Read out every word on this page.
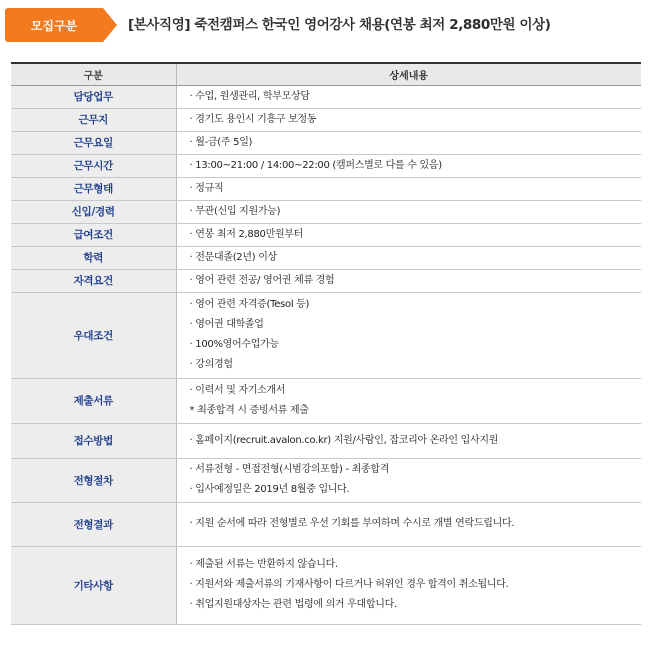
모집구분	[본사직영] 죽전캠퍼스 한국인 영어강사 채용(연봉 최저 2,880만원 이상)
구분	상세내용
담당업무	· 수업, 원생관리, 학부모상담

근무지	· 경기도 용인시 기흥구 보정동

근무요일	· 월-금(주 5일)

근무시간	· 13:00~21:00 / 14:00~22:00 (캠퍼스별로 다를 수 있음)

근무형태	· 정규직

신입/경력	· 무관(신입 지원가능)

급여조건	· 연봉 최저 2,880만원부터

학력	· 전문대졸(2년) 이상

자격요건	· 영어 관련 전공/ 영어권 체류 경험

우대조건	· 영어 관련 자격증(Tesol 등)
· 영어권 대학졸업
· 100%영어수업가능
· 강의경험

제출서류	· 이력서 및 자기소개서
* 최종합격 시 증빙서류 제출

접수방법	· 홈페이지(recruit.avalon.co.kr) 지원/사람인, 잡코리아 온라인 입사지원

전형절차	· 서류전형 - 면접전형(시범강의포함) - 최종합격
· 입사예정일은 2019년 8월중 입니다.

전형결과	· 지원 순서에 따라 전형별로 우선 기회를 부여하며 수시로 개별 연락드립니다.

기타사항	· 제출된 서류는 반환하지 않습니다.
· 지원서와 제출서류의 기재사항이 다르거나 허위인 경우 합격이 취소됩니다.
· 취업지원대상자는 관련 법령에 의거 우대합니다.
